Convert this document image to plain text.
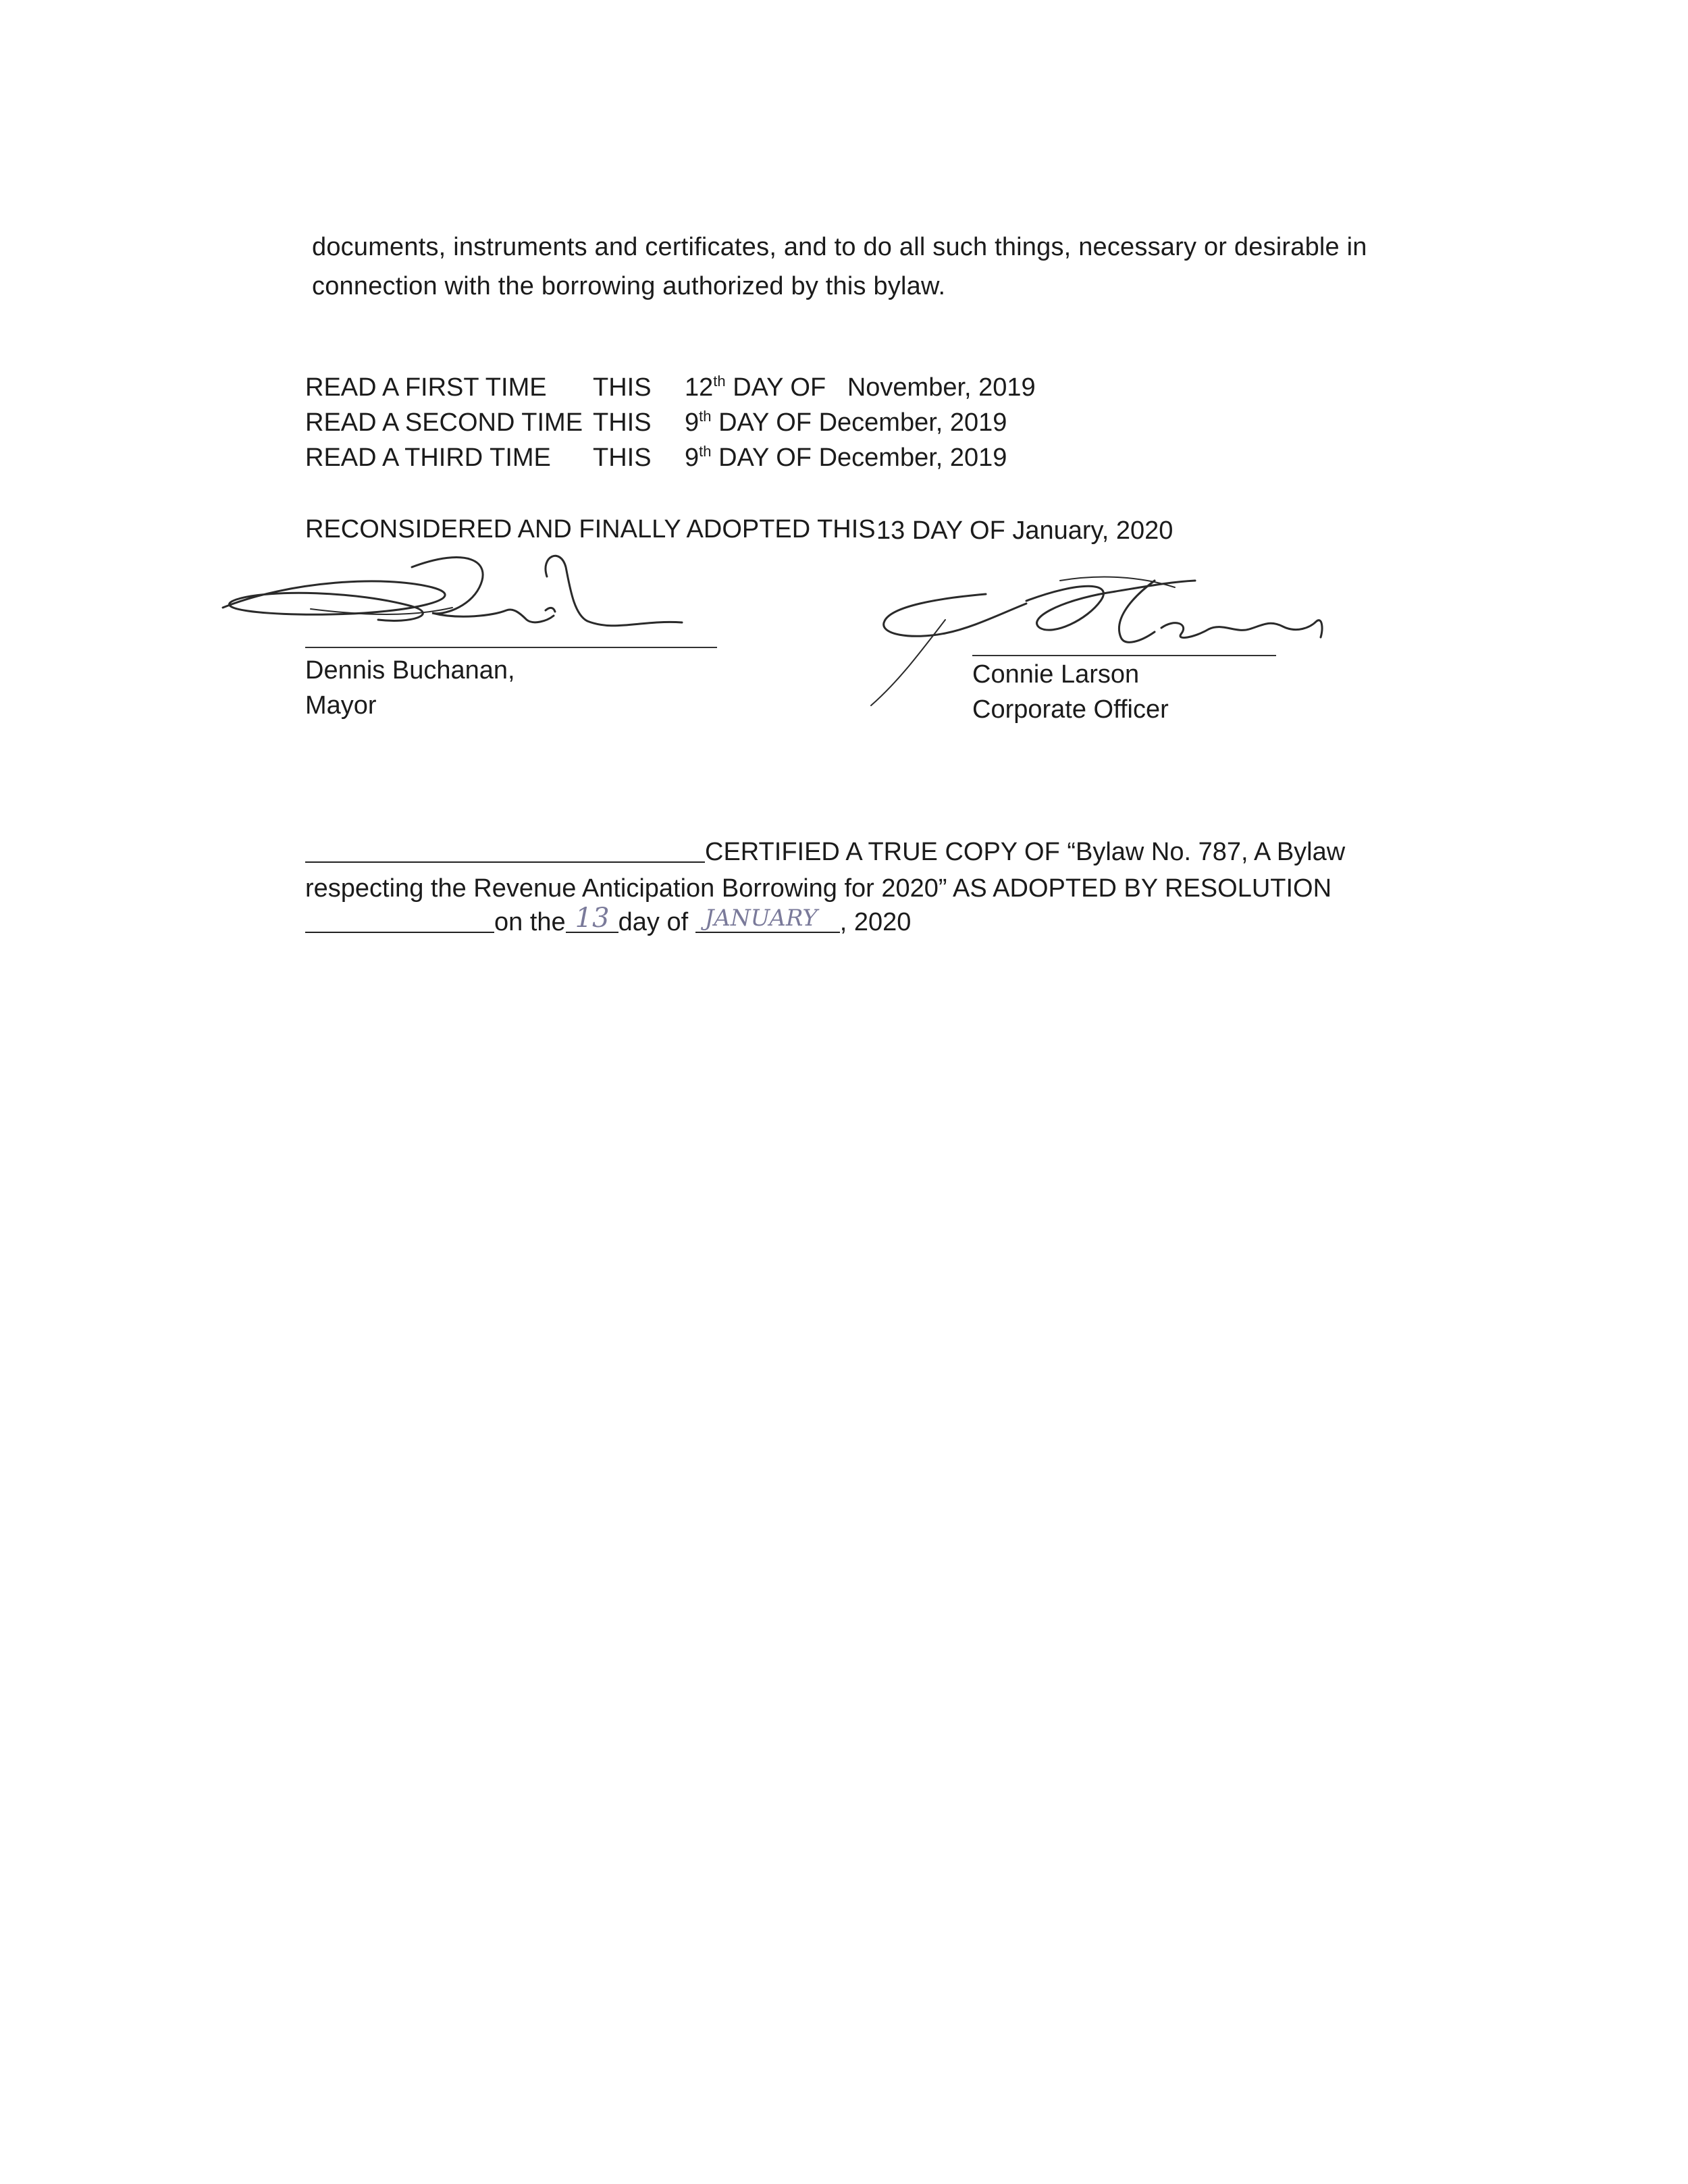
documents, instruments and certificates, and to do all such things, necessary or desirable in
connection with the borrowing authorized by this bylaw.
READ A FIRST TIME THIS 12th DAY OF   November, 2019
READ A SECOND TIME THIS 9th DAY OF December, 2019
READ A THIRD TIME THIS 9th DAY OF December, 2019
RECONSIDERED AND FINALLY ADOPTED THIS 13 DAY OF January, 2020
Dennis Buchanan,
Mayor
Connie Larson
Corporate Officer
CERTIFIED A TRUE COPY OF “Bylaw No. 787, A Bylaw
respecting the Revenue Anticipation Borrowing for 2020” AS ADOPTED BY RESOLUTION
on the 13 day of JANUARY , 2020
